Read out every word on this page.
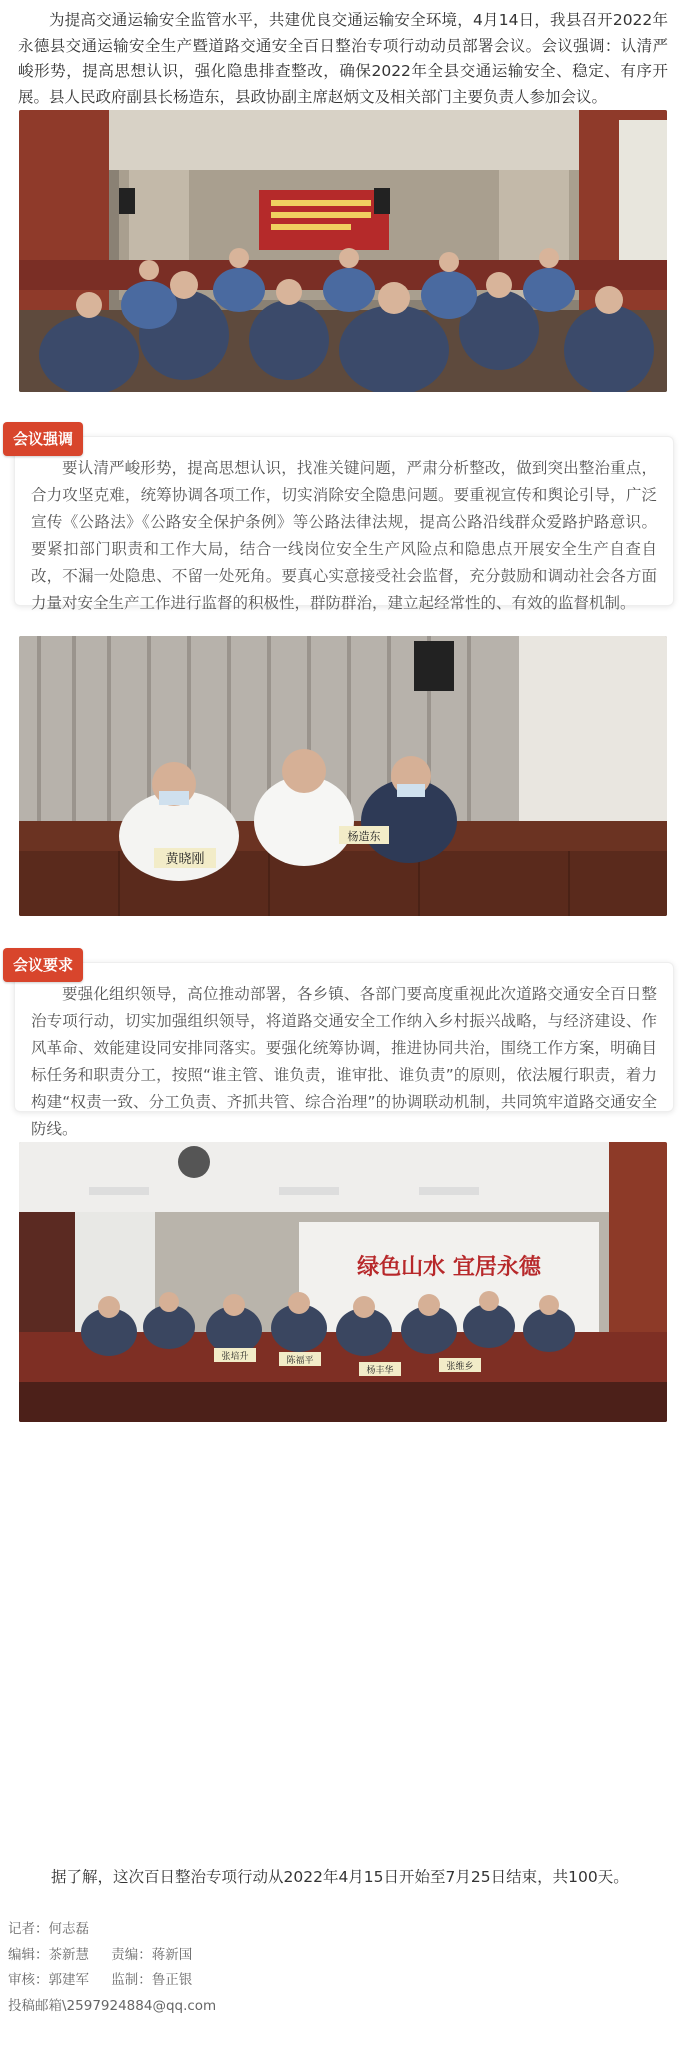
为提高交通运输安全监管水平，共建优良交通运输安全环境，4月14日，我县召开2022年永德县交通运输安全生产暨道路交通安全百日整治专项行动动员部署会议。会议强调：认清严峻形势，提高思想认识，强化隐患排查整改，确保2022年全县交通运输安全、稳定、有序开展。县人民政府副县长杨造东，县政协副主席赵炳文及相关部门主要负责人参加会议。
会议强调
要认清严峻形势，提高思想认识，找准关键问题，严肃分析整改，做到突出整治重点，合力攻坚克难，统筹协调各项工作，切实消除安全隐患问题。要重视宣传和舆论引导，广泛宣传《公路法》《公路安全保护条例》等公路法律法规，提高公路沿线群众爱路护路意识。要紧扣部门职责和工作大局，结合一线岗位安全生产风险点和隐患点开展安全生产自查自改，不漏一处隐患、不留一处死角。要真心实意接受社会监督，充分鼓励和调动社会各方面力量对安全生产工作进行监督的积极性，群防群治，建立起经常性的、有效的监督机制。
黄晓刚
杨造东
会议要求
要强化组织领导，高位推动部署，各乡镇、各部门要高度重视此次道路交通安全百日整治专项行动，切实加强组织领导，将道路交通安全工作纳入乡村振兴战略，与经济建设、作风革命、效能建设同安排同落实。要强化统筹协调，推进协同共治，围绕工作方案，明确目标任务和职责分工，按照“谁主管、谁负责，谁审批、谁负责”的原则，依法履行职责，着力构建“权责一致、分工负责、齐抓共管、综合治理”的协调联动机制，共同筑牢道路交通安全防线。
绿色山水 宜居永德
张培升	陈福平
杨丰华	张维乡
据了解，这次百日整治专项行动从2022年4月15日开始至7月25日结束，共100天。
记者：何志磊
编辑：茶新慧 责编：蒋新国
审核：郭建军 监制：鲁正银
投稿邮箱\2597924884@qq.com
